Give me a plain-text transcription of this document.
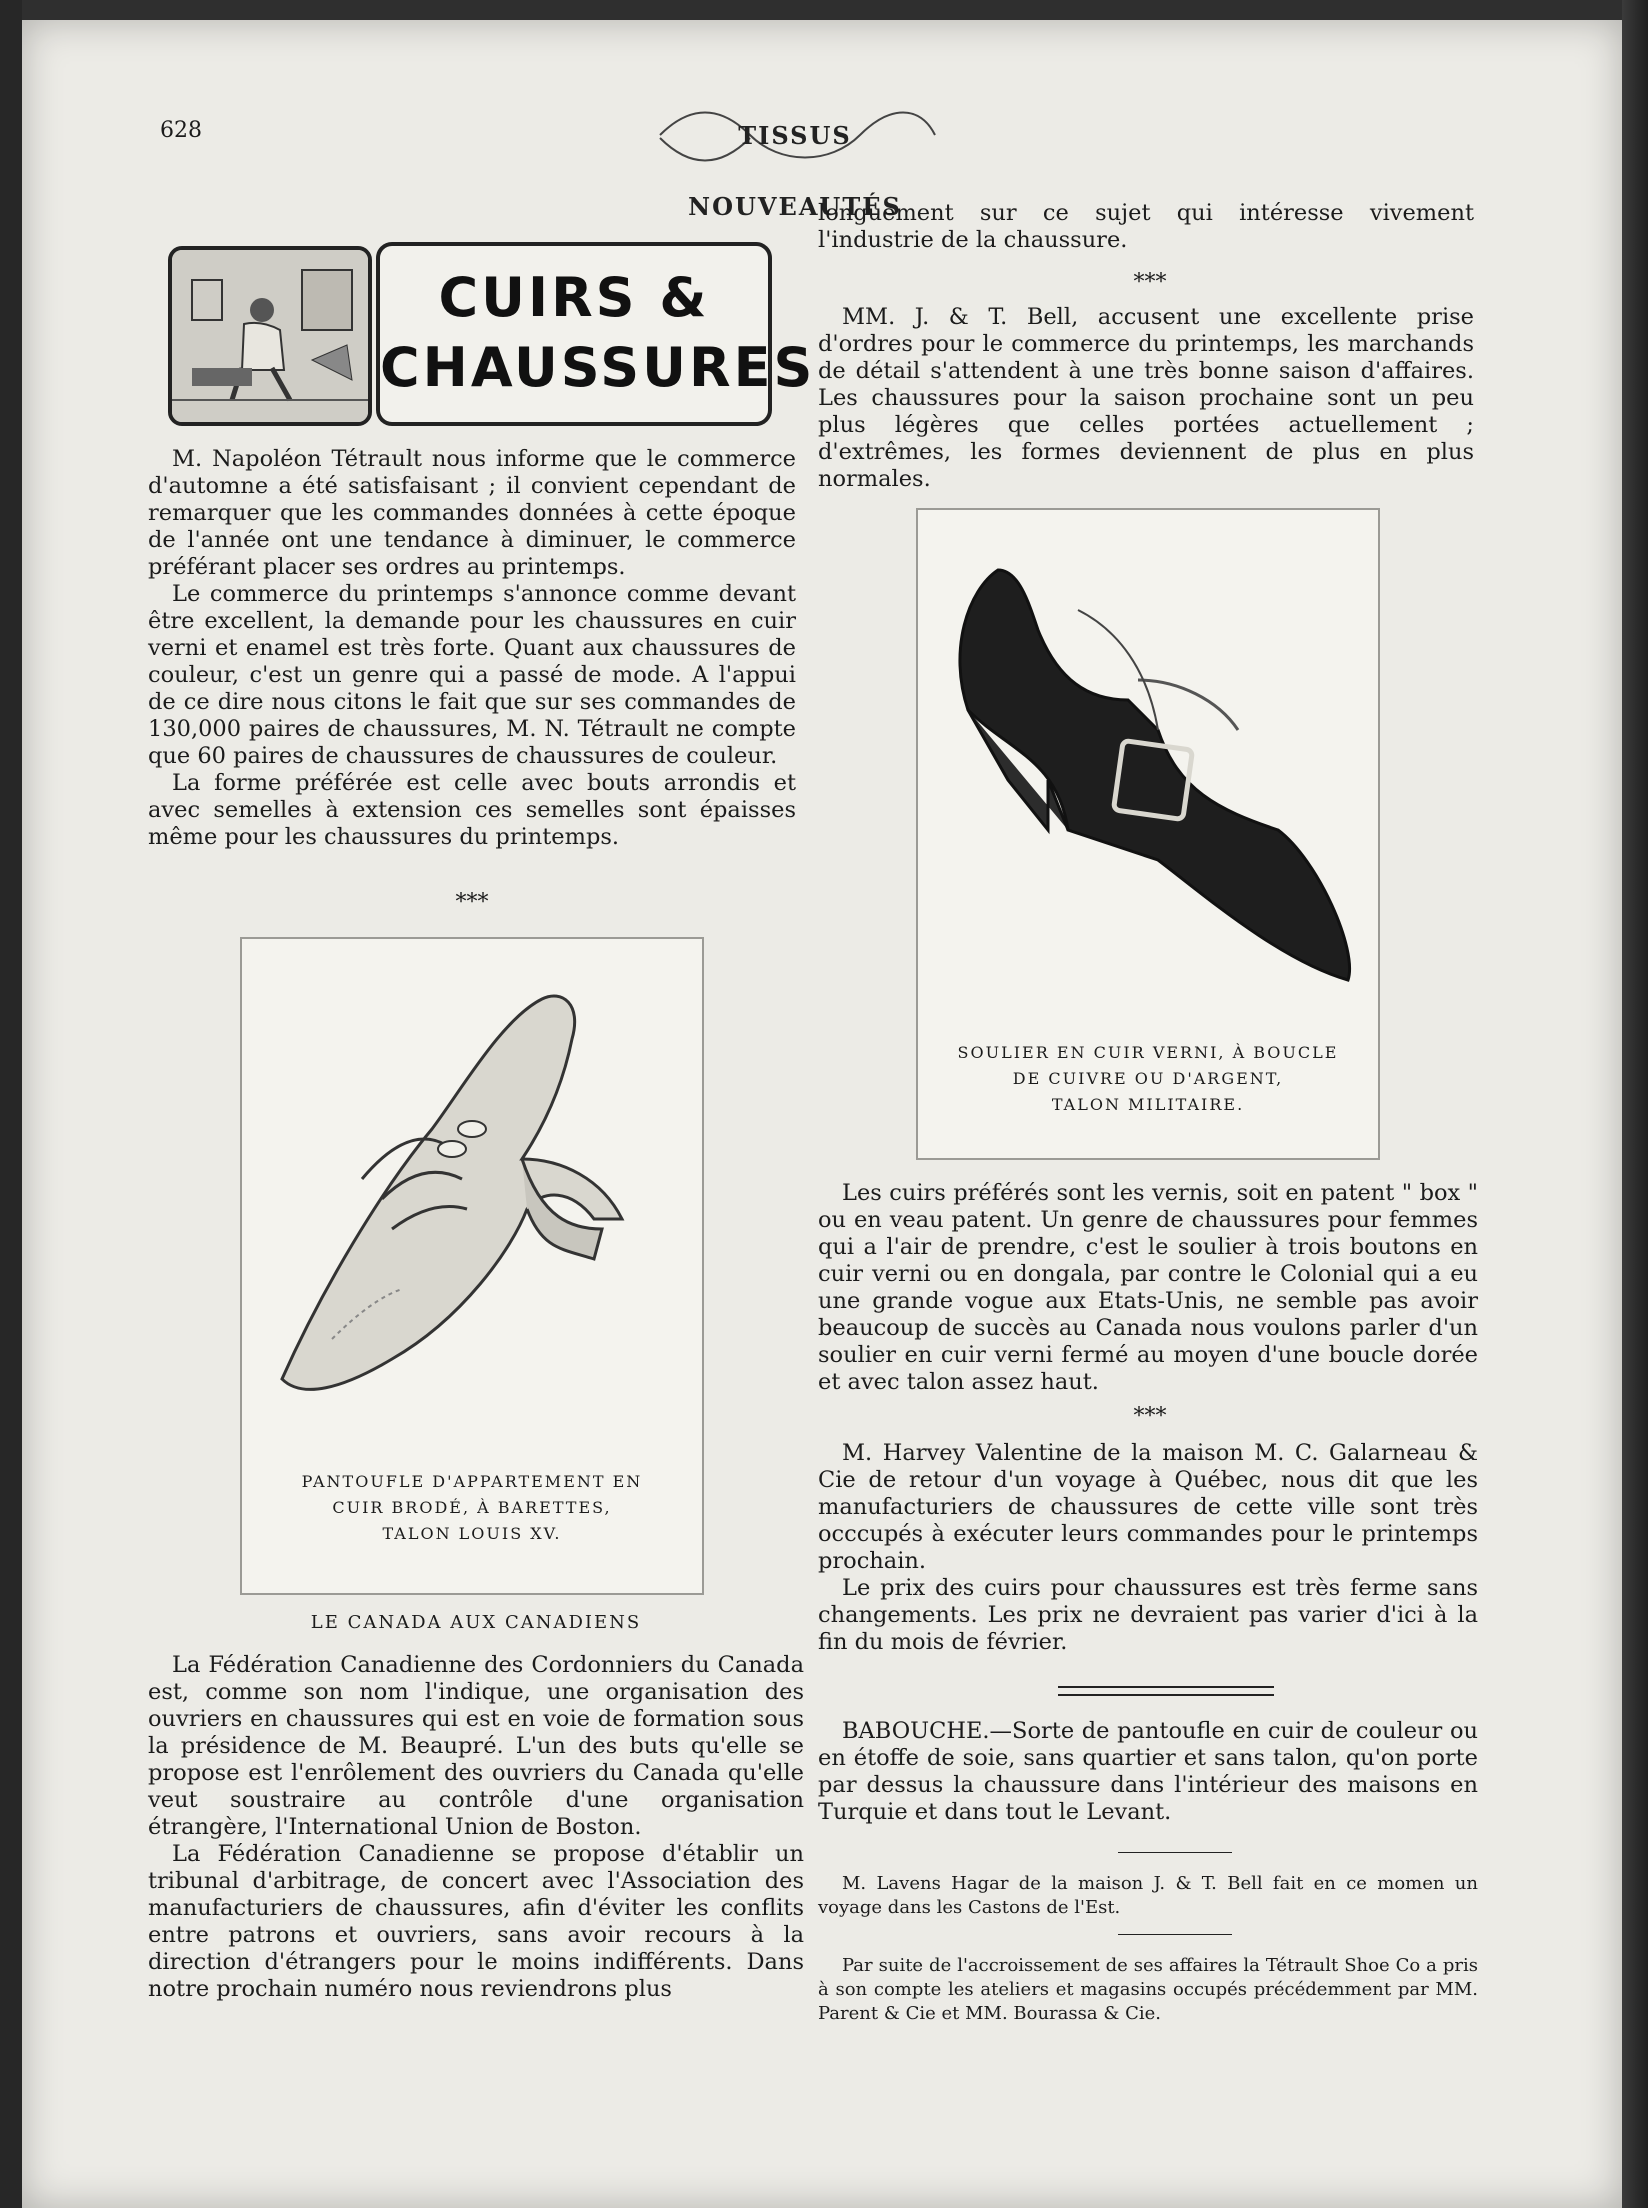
628	TISSUS NOUVEAUTÉS
CUIRS &
CHAUSSURES

M. Napoléon Tétrault nous informe que le commerce d'automne a été satisfaisant ; il convient cependant de remarquer que les commandes données à cette époque de l'année ont une tendance à diminuer, le commerce préférant placer ses ordres au printemps.

Le commerce du printemps s'annonce comme devant être excellent, la demande pour les chaussures en cuir verni et enamel est très forte. Quant aux chaussures de couleur, c'est un genre qui a passé de mode. A l'appui de ce dire nous citons le fait que sur ses commandes de 130,000 paires de chaussures, M. N. Tétrault ne compte que 60 paires de chaussures de chaussures de couleur.

La forme préférée est celle avec bouts arrondis et avec semelles à extension ces semelles sont épaisses même pour les chaussures du printemps.

***
PANTOUFLE D'APPARTEMENT EN
CUIR BRODÉ, À BARETTES,
TALON LOUIS XV.
LE CANADA AUX CANADIENS

La Fédération Canadienne des Cordonniers du Canada est, comme son nom l'indique, une organisation des ouvriers en chaussures qui est en voie de formation sous la présidence de M. Beaupré. L'un des buts qu'elle se propose est l'enrôlement des ouvriers du Canada qu'elle veut soustraire au contrôle d'une organisation étrangère, l'International Union de Boston.

La Fédération Canadienne se propose d'établir un tribunal d'arbitrage, de concert avec l'Association des manufacturiers de chaussures, afin d'éviter les conflits entre patrons et ouvriers, sans avoir recours à la direction d'étrangers pour le moins indifférents. Dans notre prochain numéro nous reviendrons plus

longuement sur ce sujet qui intéresse vivement l'industrie de la chaussure.

***

MM. J. & T. Bell, accusent une excellente prise d'ordres pour le commerce du printemps, les marchands de détail s'attendent à une très bonne saison d'affaires. Les chaussures pour la saison prochaine sont un peu plus légères que celles portées actuellement ; d'extrêmes, les formes deviennent de plus en plus normales.

SOULIER EN CUIR VERNI, À BOUCLE
DE CUIVRE OU D'ARGENT,
TALON MILITAIRE.

Les cuirs préférés sont les vernis, soit en patent " box " ou en veau patent. Un genre de chaussures pour femmes qui a l'air de prendre, c'est le soulier à trois boutons en cuir verni ou en dongala, par contre le Colonial qui a eu une grande vogue aux Etats-Unis, ne semble pas avoir beaucoup de succès au Canada nous voulons parler d'un soulier en cuir verni fermé au moyen d'une boucle dorée et avec talon assez haut.

***

M. Harvey Valentine de la maison M. C. Galarneau & Cie de retour d'un voyage à Québec, nous dit que les manufacturiers de chaussures de cette ville sont très occcupés à exécuter leurs commandes pour le printemps prochain.

Le prix des cuirs pour chaussures est très ferme sans changements. Les prix ne devraient pas varier d'ici à la fin du mois de février.

BABOUCHE.—Sorte de pantoufle en cuir de couleur ou en étoffe de soie, sans quartier et sans talon, qu'on porte par dessus la chaussure dans l'intérieur des maisons en Turquie et dans tout le Levant.

M. Lavens Hagar de la maison J. & T. Bell fait en ce momen un voyage dans les Castons de l'Est.

Par suite de l'accroissement de ses affaires la Tétrault Shoe Co a pris à son compte les ateliers et magasins occupés précédemment par MM. Parent & Cie et MM. Bourassa & Cie.
